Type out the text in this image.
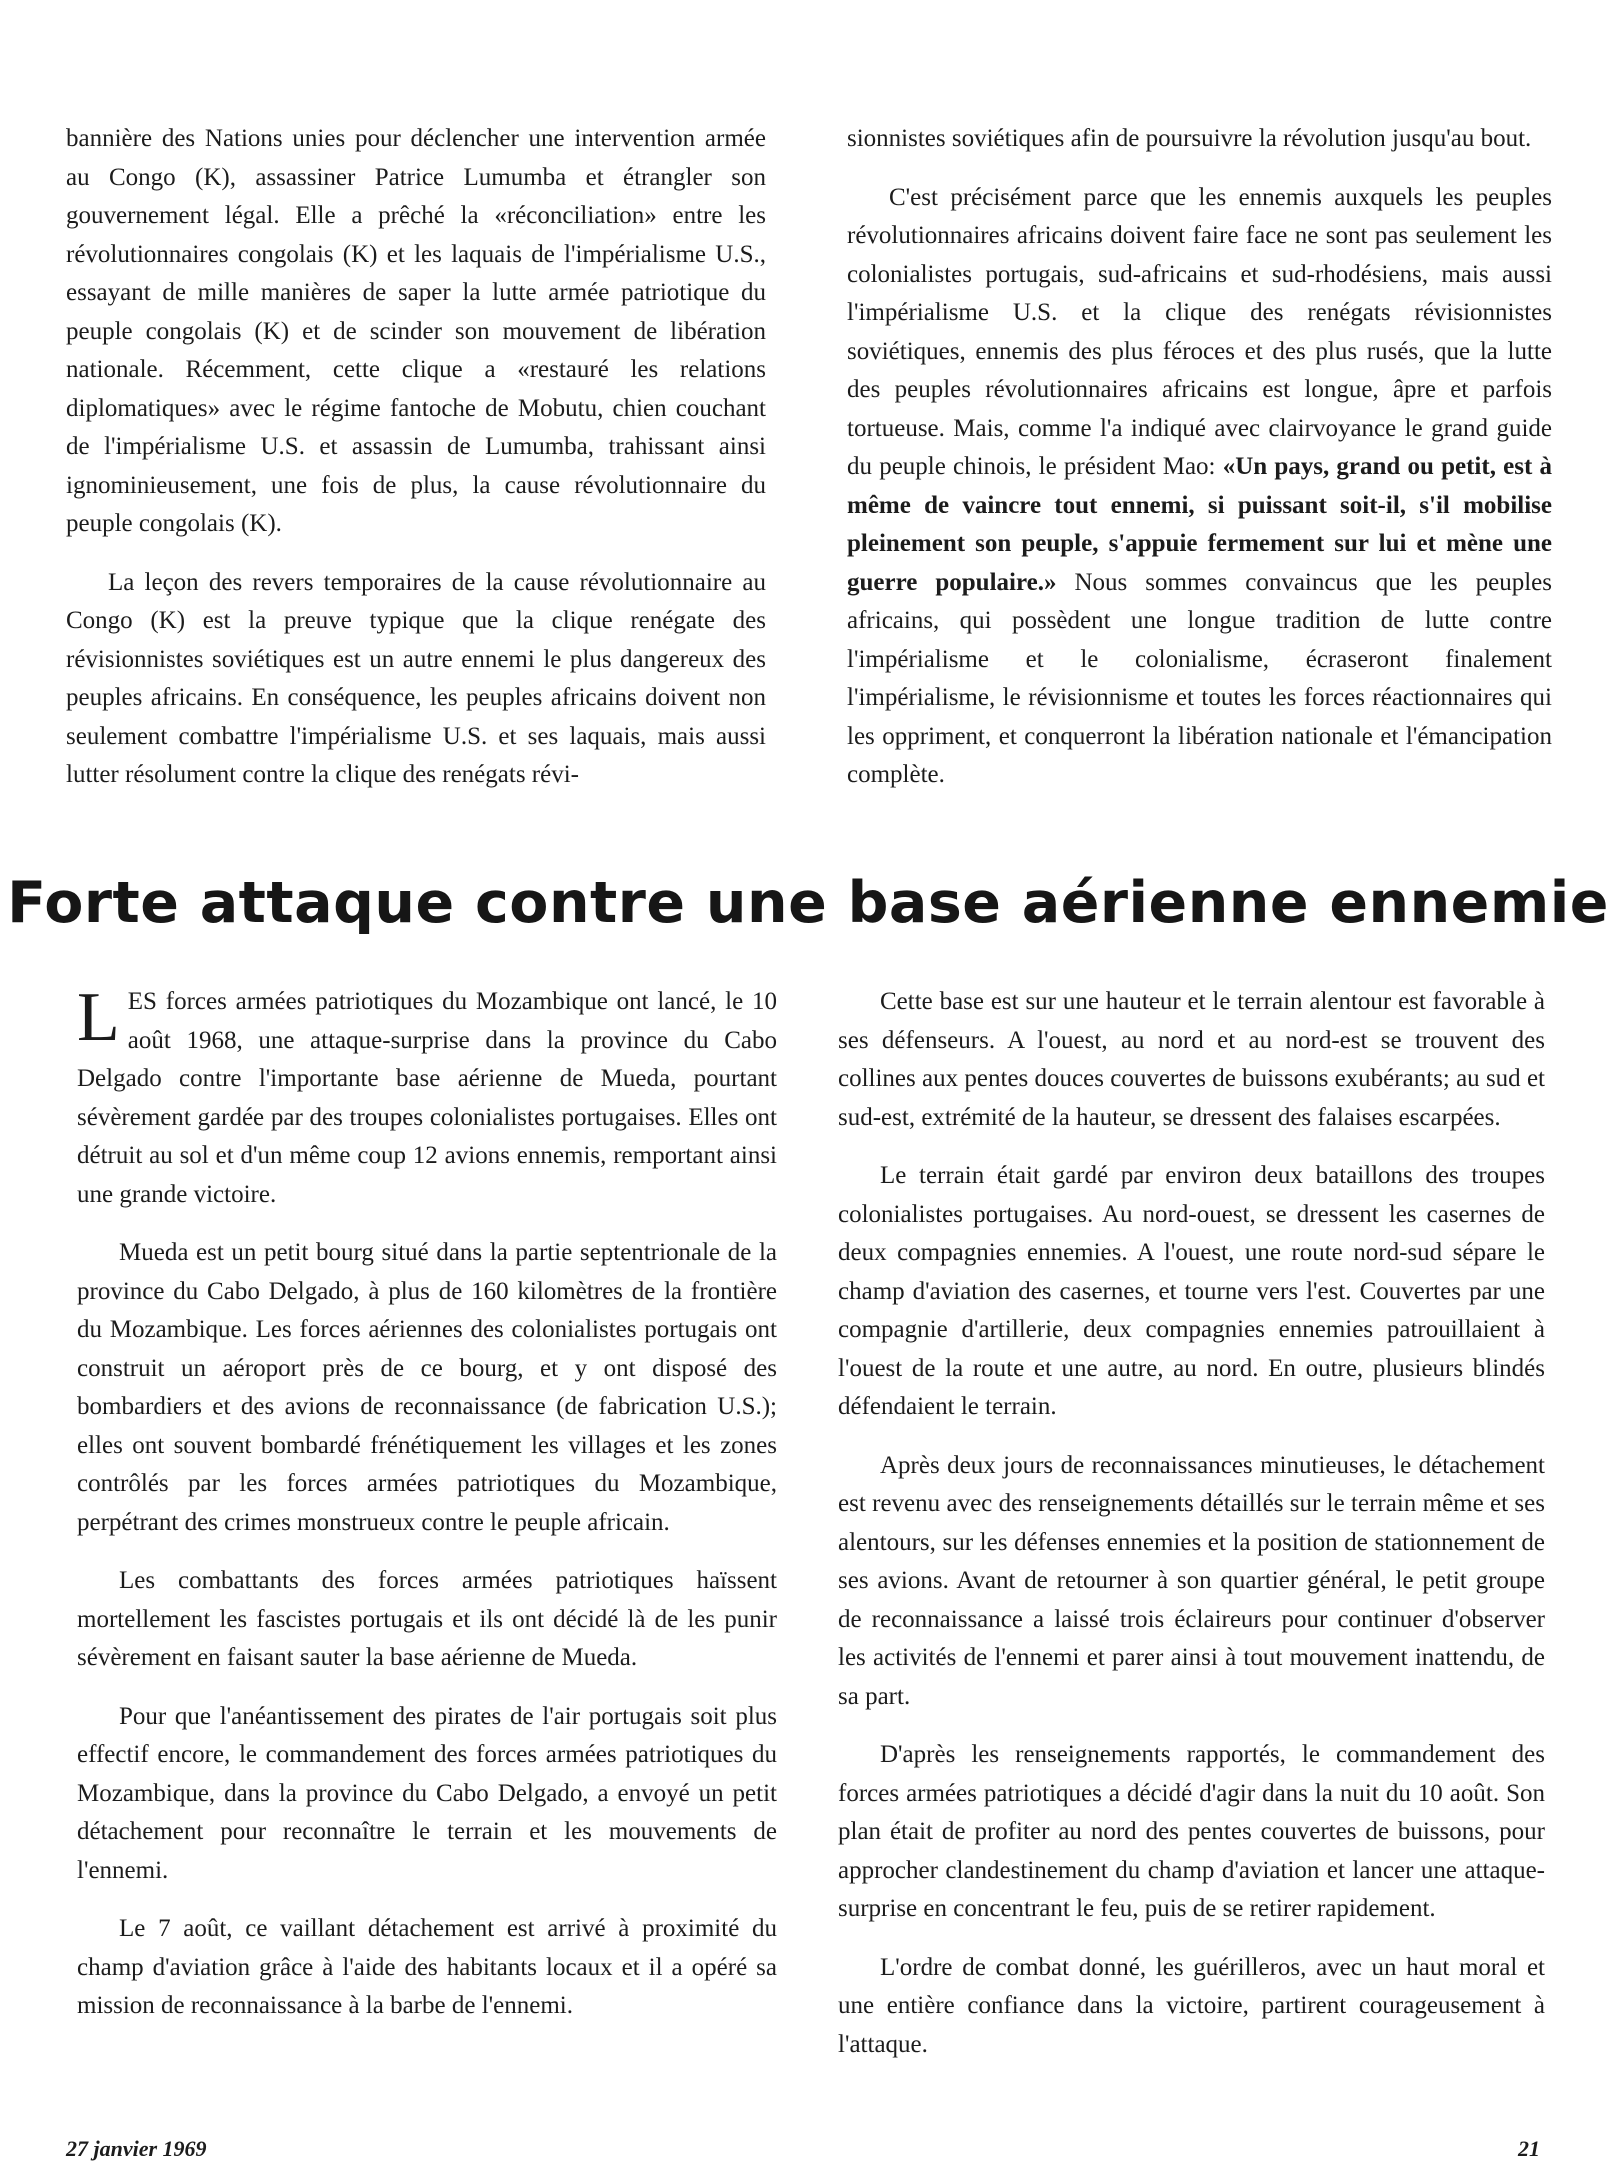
bannière des Nations unies pour déclencher une intervention armée au Congo (K), assassiner Patrice Lumumba et étrangler son gouvernement légal. Elle a prêché la «réconciliation» entre les révolutionnaires congolais (K) et les laquais de l'impérialisme U.S., essayant de mille manières de saper la lutte armée patriotique du peuple congolais (K) et de scinder son mouvement de libération nationale. Récemment, cette clique a «restauré les relations diplomatiques» avec le régime fantoche de Mobutu, chien couchant de l'impérialisme U.S. et assassin de Lumumba, trahissant ainsi ignominieusement, une fois de plus, la cause révolutionnaire du peuple congolais (K).

La leçon des revers temporaires de la cause révolutionnaire au Congo (K) est la preuve typique que la clique renégate des révisionnistes soviétiques est un autre ennemi le plus dangereux des peuples africains. En conséquence, les peuples africains doivent non seulement combattre l'impérialisme U.S. et ses laquais, mais aussi lutter résolument contre la clique des renégats révi-

sionnistes soviétiques afin de poursuivre la révolution jusqu'au bout.

C'est précisément parce que les ennemis auxquels les peuples révolutionnaires africains doivent faire face ne sont pas seulement les colonialistes portugais, sud-africains et sud-rhodésiens, mais aussi l'impérialisme U.S. et la clique des renégats révisionnistes soviétiques, ennemis des plus féroces et des plus rusés, que la lutte des peuples révolutionnaires africains est longue, âpre et parfois tortueuse. Mais, comme l'a indiqué avec clairvoyance le grand guide du peuple chinois, le président Mao: «Un pays, grand ou petit, est à même de vaincre tout ennemi, si puissant soit-il, s'il mobilise pleinement son peuple, s'appuie fermement sur lui et mène une guerre populaire.» Nous sommes convaincus que les peuples africains, qui possèdent une longue tradition de lutte contre l'impérialisme et le colonialisme, écraseront finalement l'impérialisme, le révisionnisme et toutes les forces réactionnaires qui les oppriment, et conquerront la libération nationale et l'émancipation complète.

Forte attaque contre une base aérienne ennemie

LES forces armées patriotiques du Mozambique ont lancé, le 10 août 1968, une attaque-surprise dans la province du Cabo Delgado contre l'importante base aérienne de Mueda, pourtant sévèrement gardée par des troupes colonialistes portugaises. Elles ont détruit au sol et d'un même coup 12 avions ennemis, remportant ainsi une grande victoire.

Mueda est un petit bourg situé dans la partie septentrionale de la province du Cabo Delgado, à plus de 160 kilomètres de la frontière du Mozambique. Les forces aériennes des colonialistes portugais ont construit un aéroport près de ce bourg, et y ont disposé des bombardiers et des avions de reconnaissance (de fabrication U.S.); elles ont souvent bombardé frénétiquement les villages et les zones contrôlés par les forces armées patriotiques du Mozambique, perpétrant des crimes monstrueux contre le peuple africain.

Les combattants des forces armées patriotiques haïssent mortellement les fascistes portugais et ils ont décidé là de les punir sévèrement en faisant sauter la base aérienne de Mueda.

Pour que l'anéantissement des pirates de l'air portugais soit plus effectif encore, le commandement des forces armées patriotiques du Mozambique, dans la province du Cabo Delgado, a envoyé un petit détachement pour reconnaître le terrain et les mouvements de l'ennemi.

Le 7 août, ce vaillant détachement est arrivé à proximité du champ d'aviation grâce à l'aide des habitants locaux et il a opéré sa mission de reconnaissance à la barbe de l'ennemi.

Cette base est sur une hauteur et le terrain alentour est favorable à ses défenseurs. A l'ouest, au nord et au nord-est se trouvent des collines aux pentes douces couvertes de buissons exubérants; au sud et sud-est, extrémité de la hauteur, se dressent des falaises escarpées.

Le terrain était gardé par environ deux bataillons des troupes colonialistes portugaises. Au nord-ouest, se dressent les casernes de deux compagnies ennemies. A l'ouest, une route nord-sud sépare le champ d'aviation des casernes, et tourne vers l'est. Couvertes par une compagnie d'artillerie, deux compagnies ennemies patrouillaient à l'ouest de la route et une autre, au nord. En outre, plusieurs blindés défendaient le terrain.

Après deux jours de reconnaissances minutieuses, le détachement est revenu avec des renseignements détaillés sur le terrain même et ses alentours, sur les défenses ennemies et la position de stationnement de ses avions. Avant de retourner à son quartier général, le petit groupe de reconnaissance a laissé trois éclaireurs pour continuer d'observer les activités de l'ennemi et parer ainsi à tout mouvement inattendu, de sa part.

D'après les renseignements rapportés, le commandement des forces armées patriotiques a décidé d'agir dans la nuit du 10 août. Son plan était de profiter au nord des pentes couvertes de buissons, pour approcher clandestinement du champ d'aviation et lancer une attaque-surprise en concentrant le feu, puis de se retirer rapidement.

L'ordre de combat donné, les guérilleros, avec un haut moral et une entière confiance dans la victoire, partirent courageusement à l'attaque.

27 janvier 1969	21
